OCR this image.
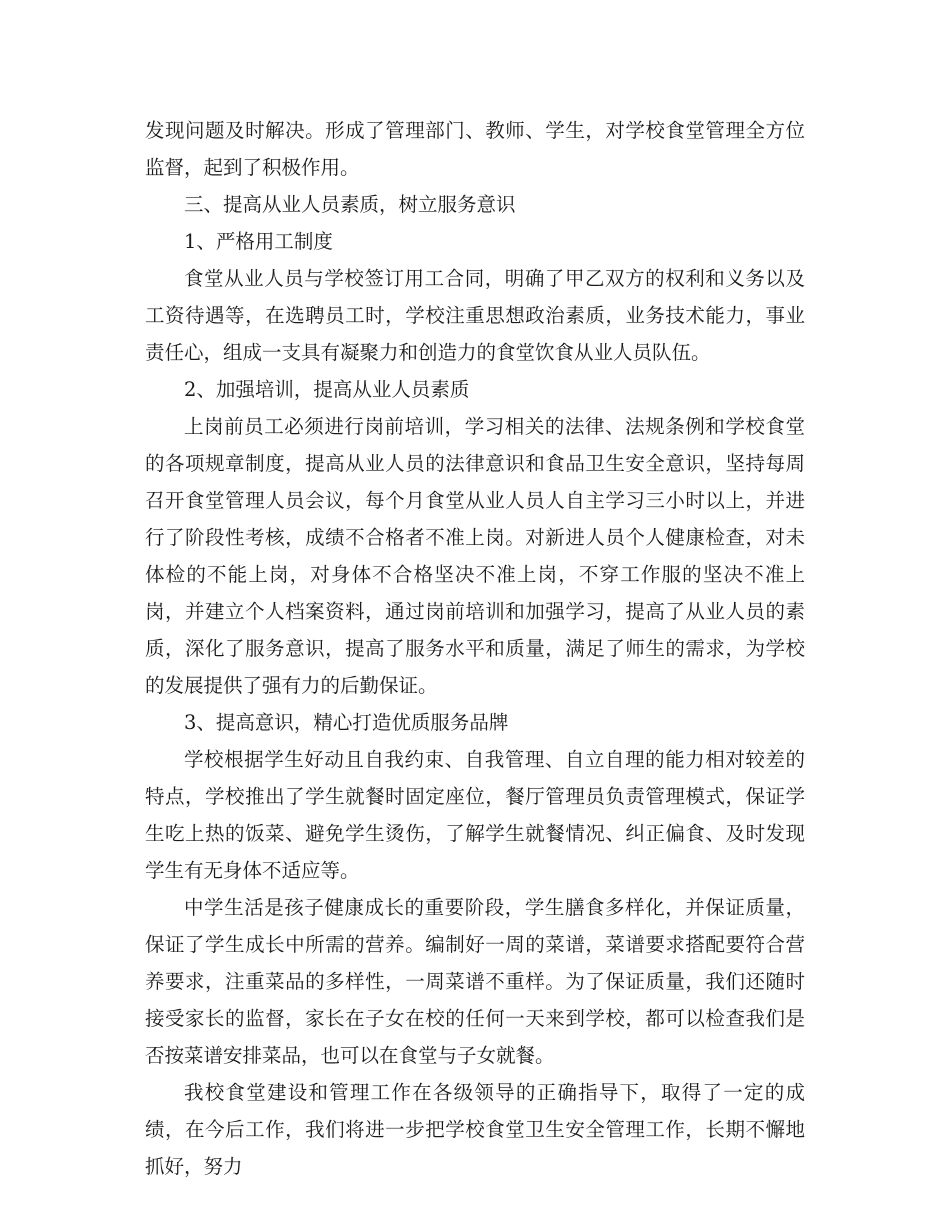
发现问题及时解决。形成了管理部门、教师、学生，对学校食堂管理全方位监督，起到了积极作用。

三、提高从业人员素质，树立服务意识

1、严格用工制度

食堂从业人员与学校签订用工合同，明确了甲乙双方的权利和义务以及工资待遇等，在选聘员工时，学校注重思想政治素质，业务技术能力，事业责任心，组成一支具有凝聚力和创造力的食堂饮食从业人员队伍。

2、加强培训，提高从业人员素质

上岗前员工必须进行岗前培训，学习相关的法律、法规条例和学校食堂的各项规章制度，提高从业人员的法律意识和食品卫生安全意识，坚持每周召开食堂管理人员会议，每个月食堂从业人员人自主学习三小时以上，并进行了阶段性考核，成绩不合格者不准上岗。对新进人员个人健康检查，对未体检的不能上岗，对身体不合格坚决不准上岗，不穿工作服的坚决不准上岗，并建立个人档案资料，通过岗前培训和加强学习，提高了从业人员的素质，深化了服务意识，提高了服务水平和质量，满足了师生的需求，为学校的发展提供了强有力的后勤保证。

3、提高意识，精心打造优质服务品牌

学校根据学生好动且自我约束、自我管理、自立自理的能力相对较差的特点，学校推出了学生就餐时固定座位，餐厅管理员负责管理模式，保证学生吃上热的饭菜、避免学生烫伤，了解学生就餐情况、纠正偏食、及时发现学生有无身体不适应等。

中学生活是孩子健康成长的重要阶段，学生膳食多样化，并保证质量，保证了学生成长中所需的营养。编制好一周的菜谱，菜谱要求搭配要符合营养要求，注重菜品的多样性，一周菜谱不重样。为了保证质量，我们还随时接受家长的监督，家长在子女在校的任何一天来到学校，都可以检查我们是否按菜谱安排菜品，也可以在食堂与子女就餐。

我校食堂建设和管理工作在各级领导的正确指导下，取得了一定的成绩，在今后工作，我们将进一步把学校食堂卫生安全管理工作，长期不懈地抓好，努力
